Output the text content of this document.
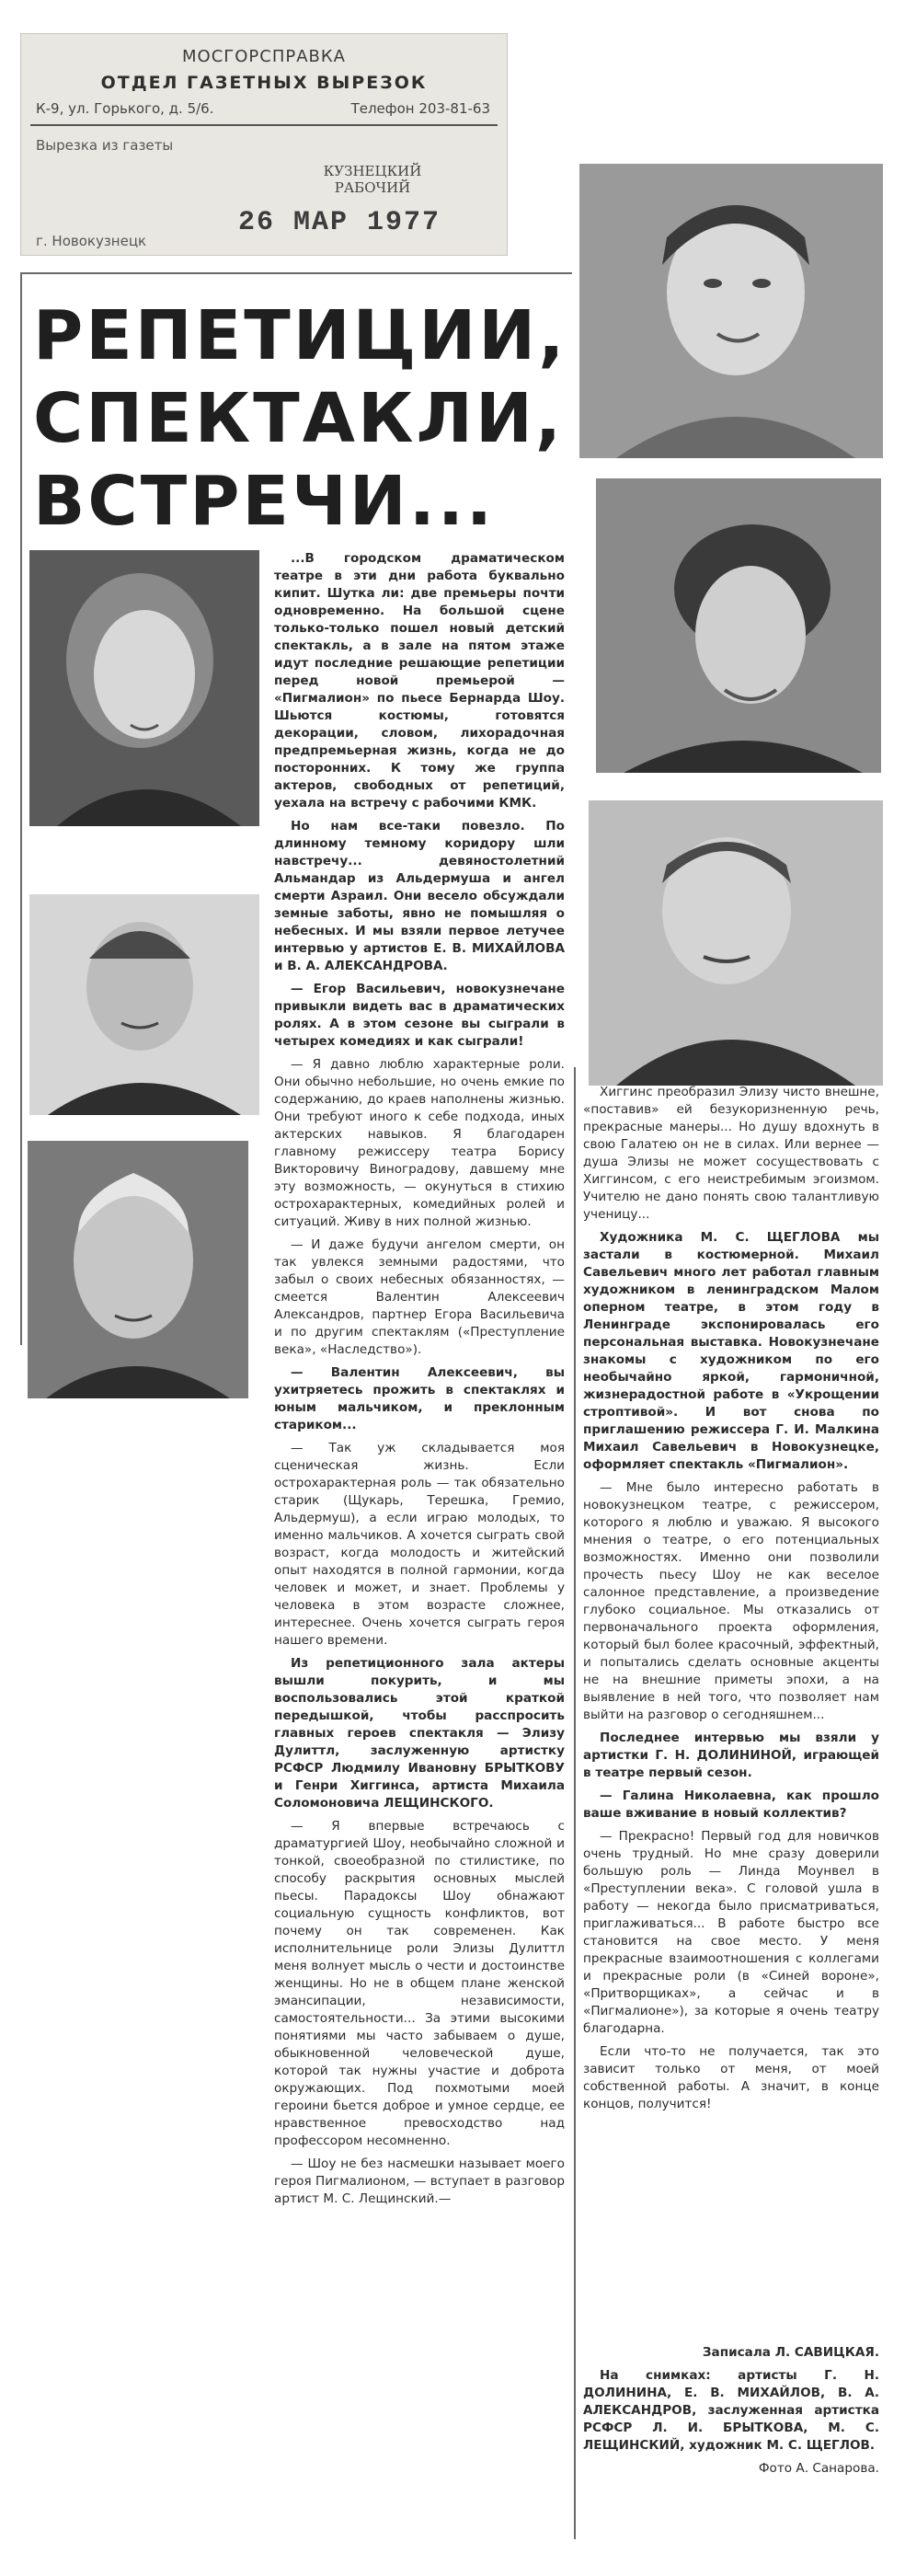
МОСГОРСПРАВКА
ОТДЕЛ ГАЗЕТНЫХ ВЫРЕЗОК
К-9, ул. Горького, д. 5/6.	Телефон 203-81-63
Вырезка из газеты
КУЗНЕЦКИЙ
РАБОЧИЙ
26 МАР 1977
г. Новокузнецк
РЕПЕТИЦИИ,
СПЕКТАКЛИ,
ВСТРЕЧИ...

...В городском драматическом театре в эти дни работа буквально кипит. Шутка ли: две премьеры почти одновременно. На большой сцене только-только пошел новый детский спектакль, а в зале на пятом этаже идут последние решающие репетиции перед новой премьерой — «Пигмалион» по пьесе Бернарда Шоу. Шьются костюмы, готовятся декорации, словом, лихорадочная предпремьерная жизнь, когда не до посторонних. К тому же группа актеров, свободных от репетиций, уехала на встречу с рабочими КМК.

Но нам все-таки повезло. По длинному темному коридору шли навстречу... девяностолетний Альмандар из Альдермуша и ангел смерти Азраил. Они весело обсуждали земные заботы, явно не помышляя о небесных. И мы взяли первое летучее интервью у артистов Е. В. МИХАЙЛОВА и В. А. АЛЕКСАНДРОВА.

— Егор Васильевич, новокузнечане привыкли видеть вас в драматических ролях. А в этом сезоне вы сыграли в четырех комедиях и как сыграли!

— Я давно люблю характерные роли. Они обычно небольшие, но очень емкие по содержанию, до краев наполнены жизнью. Они требуют иного к себе подхода, иных актерских навыков. Я благодарен главному режиссеру театра Борису Викторовичу Виноградову, давшему мне эту возможность, — окунуться в стихию острохарактерных, комедийных ролей и ситуаций. Живу в них полной жизнью.

— И даже будучи ангелом смерти, он так увлекся земными радостями, что забыл о своих небесных обязанностях, — смеется Валентин Алексеевич Александров, партнер Егора Васильевича и по другим спектаклям («Преступление века», «Наследство»).

— Валентин Алексеевич, вы ухитряетесь прожить в спектаклях и юным мальчиком, и преклонным стариком...

— Так уж складывается моя сценическая жизнь. Если острохарактерная роль — так обязательно старик (Щукарь, Терешка, Гремио, Альдермуш), а если играю молодых, то именно мальчиков. А хочется сыграть свой возраст, когда молодость и житейский опыт находятся в полной гармонии, когда человек и может, и знает. Проблемы у человека в этом возрасте сложнее, интереснее. Очень хочется сыграть героя нашего времени.

Из репетиционного зала актеры вышли покурить, и мы воспользовались этой краткой передышкой, чтобы расспросить главных героев спектакля — Элизу Дулиттл, заслуженную артистку РСФСР Людмилу Ивановну БРЫТКОВУ и Генри Хиггинса, артиста Михаила Соломоновича ЛЕЩИНСКОГО.

— Я впервые встречаюсь с драматургией Шоу, необычайно сложной и тонкой, своеобразной по стилистике, по способу раскрытия основных мыслей пьесы. Парадоксы Шоу обнажают социальную сущность конфликтов, вот почему он так современен. Как исполнительнице роли Элизы Дулиттл меня волнует мысль о чести и достоинстве женщины. Но не в общем плане женской эмансипации, независимости, самостоятельности... За этими высокими понятиями мы часто забываем о душе, обыкновенной человеческой душе, которой так нужны участие и доброта окружающих. Под похмотыми моей героини бьется доброе и умное сердце, ее нравственное превосходство над профессором несомненно.

— Шоу не без насмешки называет моего героя Пигмалионом, — вступает в разговор артист М. С. Лещинский.—

Хиггинс преобразил Элизу чисто внешне, «поставив» ей безукоризненную речь, прекрасные манеры... Но душу вдохнуть в свою Галатею он не в силах. Или вернее — душа Элизы не может сосуществовать с Хиггинсом, с его неистребимым эгоизмом. Учителю не дано понять свою талантливую ученицу...

Художника М. С. ЩЕГЛОВА мы застали в костюмерной. Михаил Савельевич много лет работал главным художником в ленинградском Малом оперном театре, в этом году в Ленинграде экспонировалась его персональная выставка. Новокузнечане знакомы с художником по его необычайно яркой, гармоничной, жизнерадостной работе в «Укрощении строптивой». И вот снова по приглашению режиссера Г. И. Малкина Михаил Савельевич в Новокузнецке, оформляет спектакль «Пигмалион».

— Мне было интересно работать в новокузнецком театре, с режиссером, которого я люблю и уважаю. Я высокого мнения о театре, о его потенциальных возможностях. Именно они позволили прочесть пьесу Шоу не как веселое салонное представление, а произведение глубоко социальное. Мы отказались от первоначального проекта оформления, который был более красочный, эффектный, и попытались сделать основные акценты не на внешние приметы эпохи, а на выявление в ней того, что позволяет нам выйти на разговор о сегодняшнем...

Последнее интервью мы взяли у артистки Г. Н. ДОЛИНИНОЙ, играющей в театре первый сезон.

— Галина Николаевна, как прошло ваше вживание в новый коллектив?

— Прекрасно! Первый год для новичков очень трудный. Но мне сразу доверили большую роль — Линда Моунвел в «Преступлении века». С головой ушла в работу — некогда было присматриваться, приглаживаться... В работе быстро все становится на свое место. У меня прекрасные взаимоотношения с коллегами и прекрасные роли (в «Синей вороне», «Притворщиках», а сейчас и в «Пигмалионе»), за которые я очень театру благодарна.

Если что-то не получается, так это зависит только от меня, от моей собственной работы. А значит, в конце концов, получится!

Записала Л. САВИЦКАЯ.

На снимках: артисты Г. Н. ДОЛИНИНА, Е. В. МИХАЙЛОВ, В. А. АЛЕКСАНДРОВ, заслуженная артистка РСФСР Л. И. БРЫТКОВА, М. С. ЛЕЩИНСКИЙ, художник М. С. ЩЕГЛОВ.

Фото А. Санарова.
